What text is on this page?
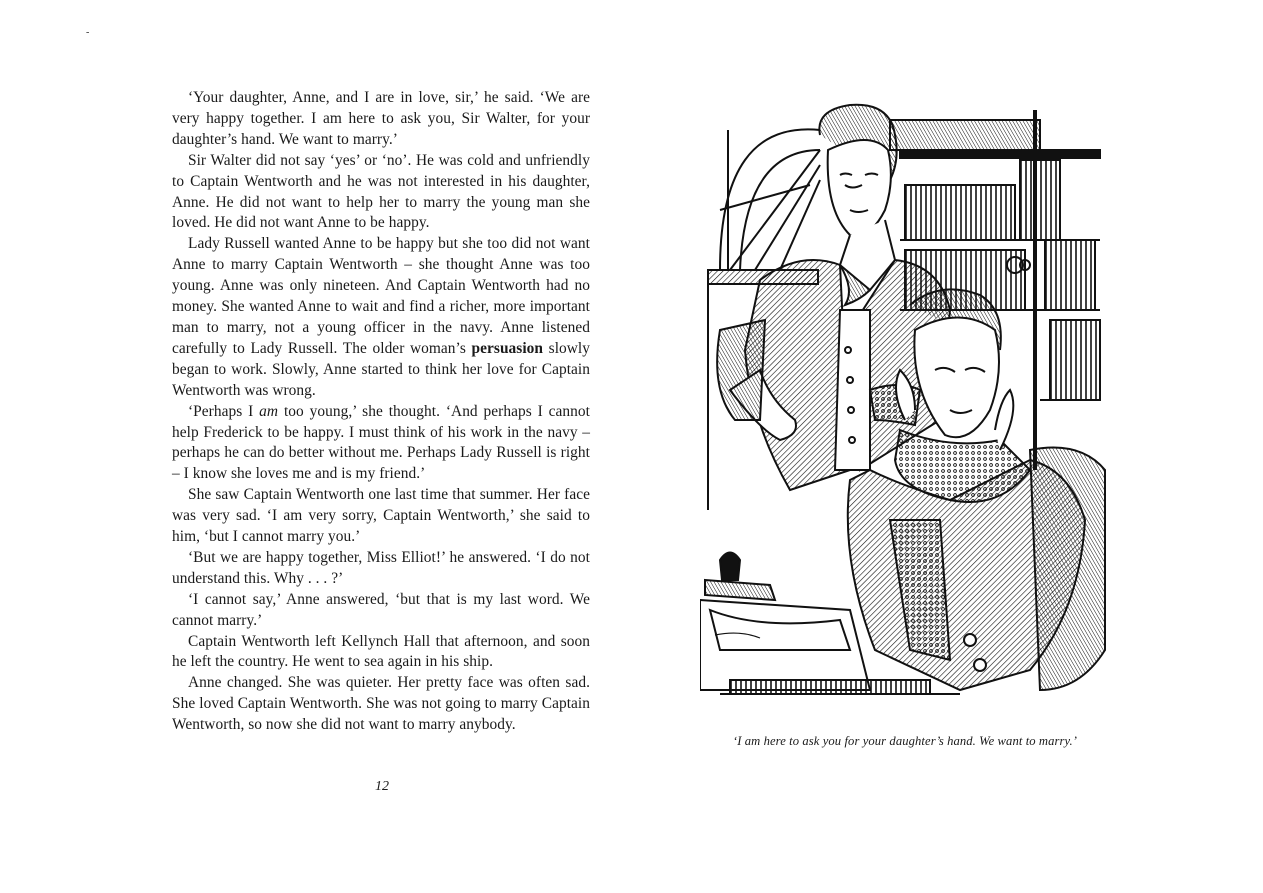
-

‘Your daughter, Anne, and I are in love, sir,’ he said. ‘We are very happy together. I am here to ask you, Sir Walter, for your daughter’s hand. We want to marry.’

Sir Walter did not say ‘yes’ or ‘no’. He was cold and unfriendly to Captain Wentworth and he was not interested in his daughter, Anne. He did not want to help her to marry the young man she loved. He did not want Anne to be happy.

Lady Russell wanted Anne to be happy but she too did not want Anne to marry Captain Wentworth – she thought Anne was too young. Anne was only nineteen. And Captain Wentworth had no money. She wanted Anne to wait and find a richer, more important man to marry, not a young officer in the navy. Anne listened carefully to Lady Russell. The older woman’s persuasion slowly began to work. Slowly, Anne started to think her love for Captain Wentworth was wrong.

‘Perhaps I am too young,’ she thought. ‘And perhaps I cannot help Frederick to be happy. I must think of his work in the navy – perhaps he can do better without me. Perhaps Lady Russell is right – I know she loves me and is my friend.’

She saw Captain Wentworth one last time that summer. Her face was very sad. ‘I am very sorry, Captain Wentworth,’ she said to him, ‘but I cannot marry you.’

‘But we are happy together, Miss Elliot!’ he answered. ‘I do not understand this. Why . . . ?’

‘I cannot say,’ Anne answered, ‘but that is my last word. We cannot marry.’

Captain Wentworth left Kellynch Hall that afternoon, and soon he left the country. He went to sea again in his ship.

Anne changed. She was quieter. Her pretty face was often sad. She loved Captain Wentworth. She was not going to marry Captain Wentworth, so now she did not want to marry anybody.

12
‘I am here to ask you for your daughter’s hand. We want to marry.’
